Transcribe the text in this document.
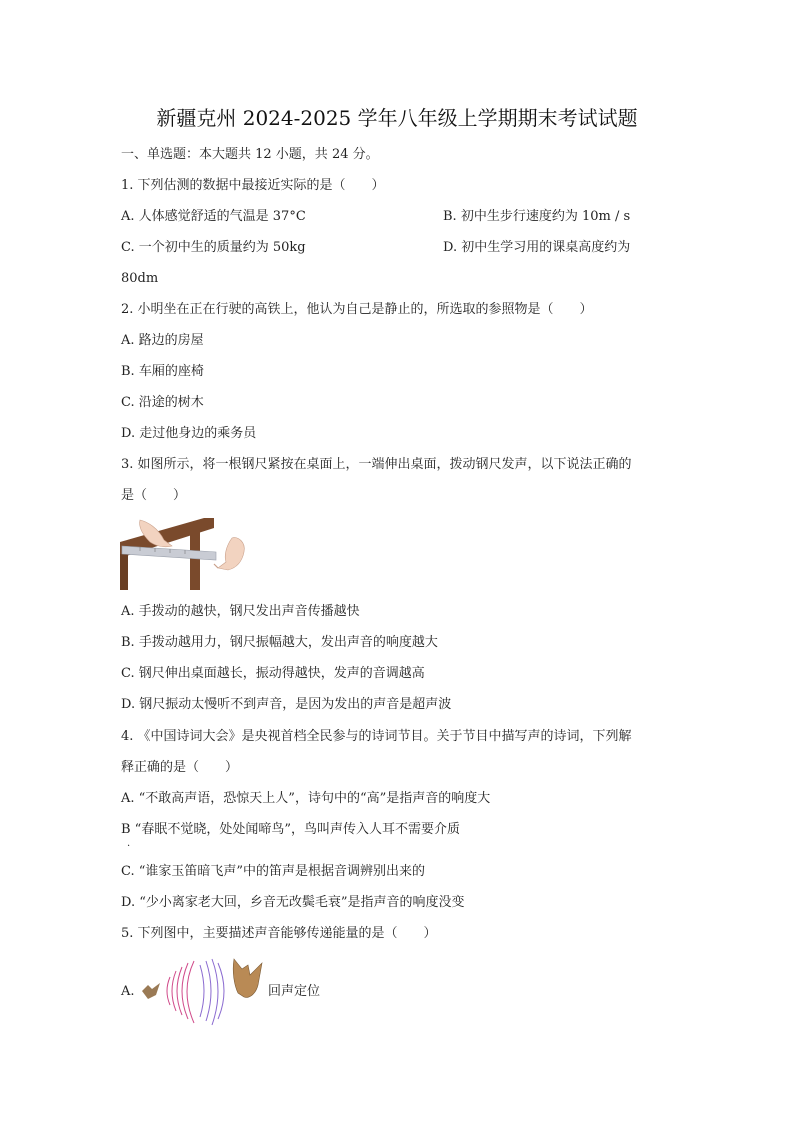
新疆克州 2024-2025 学年八年级上学期期末考试试题
一、单选题：本大题共 12 小题，共 24 分。
1. 下列估测的数据中最接近实际的是（　　）
A. 人体感觉舒适的气温是 37°C	B. 初中生步行速度约为 10m / s
C. 一个初中生的质量约为 50kg	D. 初中生学习用的课桌高度约为
80dm
2. 小明坐在正在行驶的高铁上，他认为自己是静止的，所选取的参照物是（　　）
A. 路边的房屋
B. 车厢的座椅
C. 沿途的树木
D. 走过他身边的乘务员
3. 如图所示，将一根钢尺紧按在桌面上，一端伸出桌面，拨动钢尺发声，以下说法正确的
是（　　）
A. 手拨动的越快，钢尺发出声音传播越快
B. 手拨动越用力，钢尺振幅越大，发出声音的响度越大
C. 钢尺伸出桌面越长，振动得越快，发声的音调越高
D. 钢尺振动太慢听不到声音，是因为发出的声音是超声波
4. 《中国诗词大会》是央视首档全民参与的诗词节目。关于节目中描写声的诗词，下列解
释正确的是（　　）
A. “不敢高声语，恐惊天上人”，诗句中的“高”是指声音的响度大
B “春眠不觉晓，处处闻啼鸟”，鸟叫声传入人耳不需要介质
.
C. “谁家玉笛暗飞声”中的笛声是根据音调辨别出来的
D. “少小离家老大回，乡音无改鬓毛衰”是指声音的响度没变
5. 下列图中，主要描述声音能够传递能量的是（　　）
A.	回声定位
